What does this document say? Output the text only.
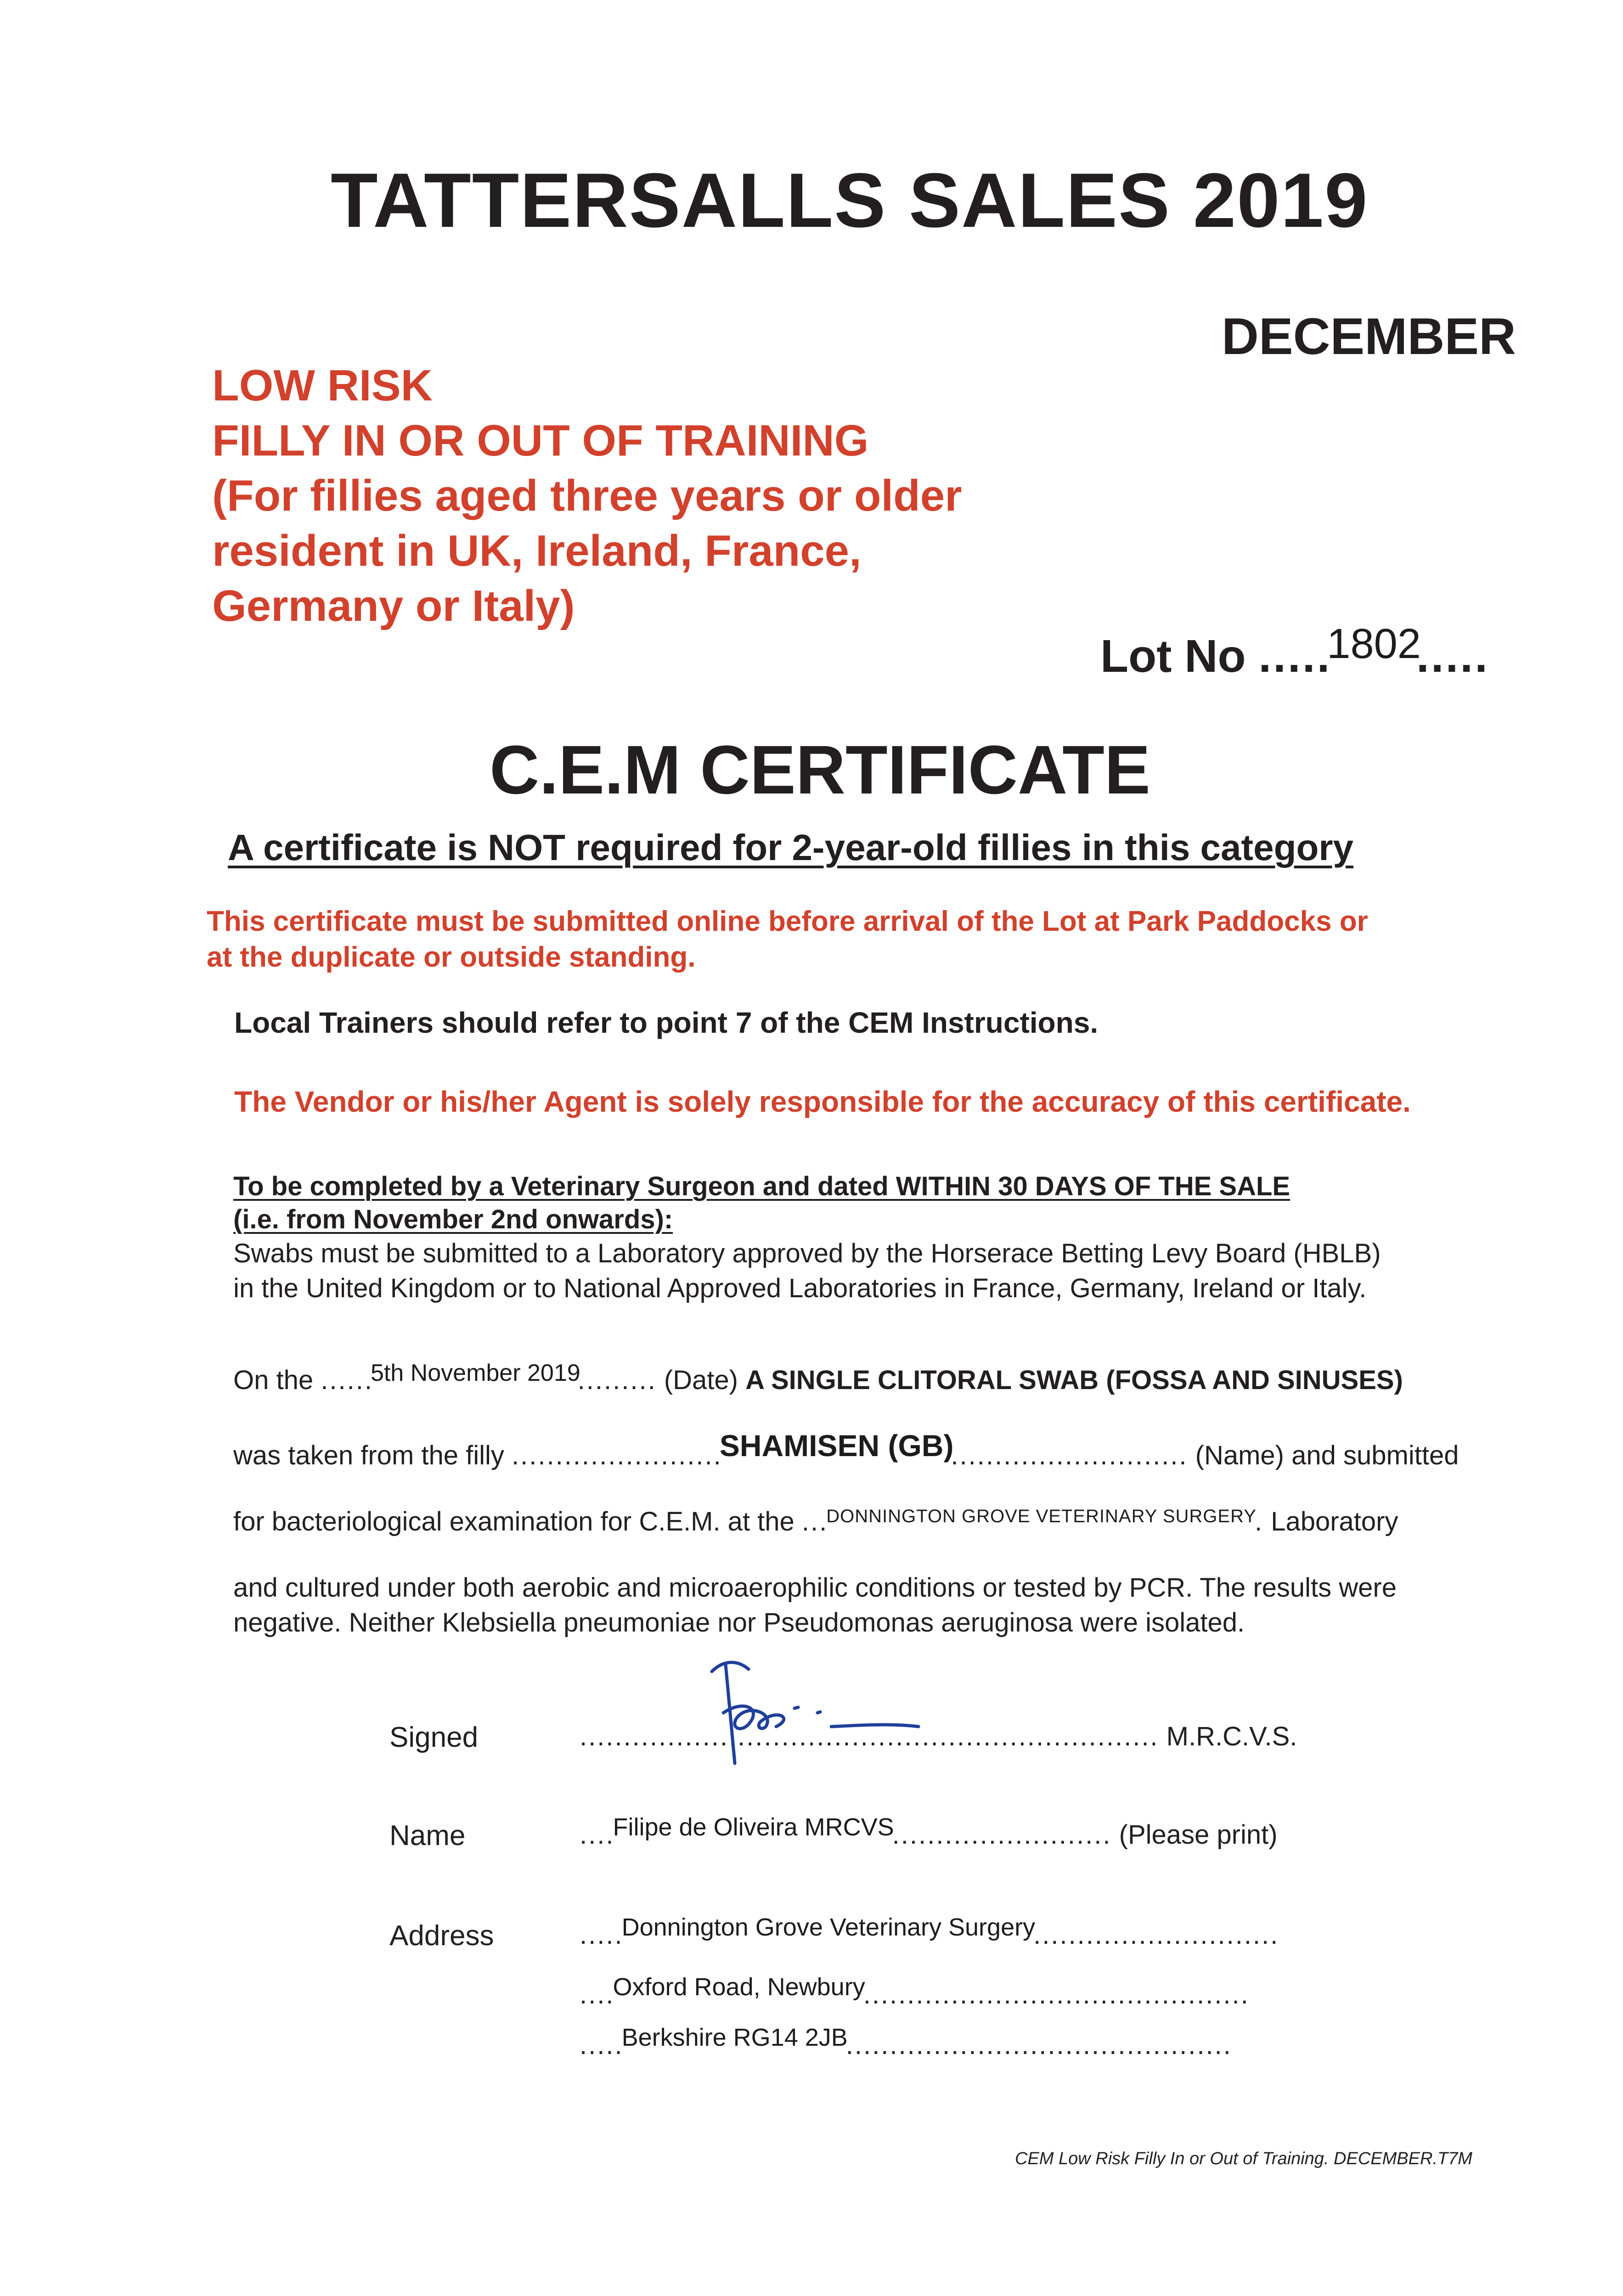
TATTERSALLS SALES 2019
DECEMBER
LOW RISK
FILLY IN OR OUT OF TRAINING
(For fillies aged three years or older
resident in UK, Ireland, France,
Germany or Italy)
Lot No .....1802.....
C.E.M CERTIFICATE
A certificate is NOT required for 2-year-old fillies in this category
This certificate must be submitted online before arrival of the Lot at Park Paddocks or
at the duplicate or outside standing.
Local Trainers should refer to point 7 of the CEM Instructions.
The Vendor or his/her Agent is solely responsible for the accuracy of this certificate.
To be completed by a Veterinary Surgeon and dated WITHIN 30 DAYS OF THE SALE
(i.e. from November 2nd onwards):
Swabs must be submitted to a Laboratory approved by the Horserace Betting Levy Board (HBLB)
in the United Kingdom or to National Approved Laboratories in France, Germany, Ireland or Italy.
On the ......5th November 2019......... (Date) A SINGLE CLITORAL SWAB (FOSSA AND SINUSES)
was taken from the filly ........................SHAMISEN (GB)........................... (Name) and submitted
for bacteriological examination for C.E.M. at the ...DONNINGTON GROVE VETERINARY SURGERY. Laboratory
and cultured under both aerobic and microaerophilic conditions or tested by PCR. The results were
negative. Neither Klebsiella pneumoniae nor Pseudomonas aeruginosa were isolated.
Signed	.................................................................. M.R.C.V.S.
Name	....Filipe de Oliveira MRCVS......................... (Please print)
Address	.....Donnington Grove Veterinary Surgery............................
....Oxford Road, Newbury............................................
.....Berkshire RG14 2JB............................................
CEM Low Risk Filly In or Out of Training. DECEMBER.T7M
